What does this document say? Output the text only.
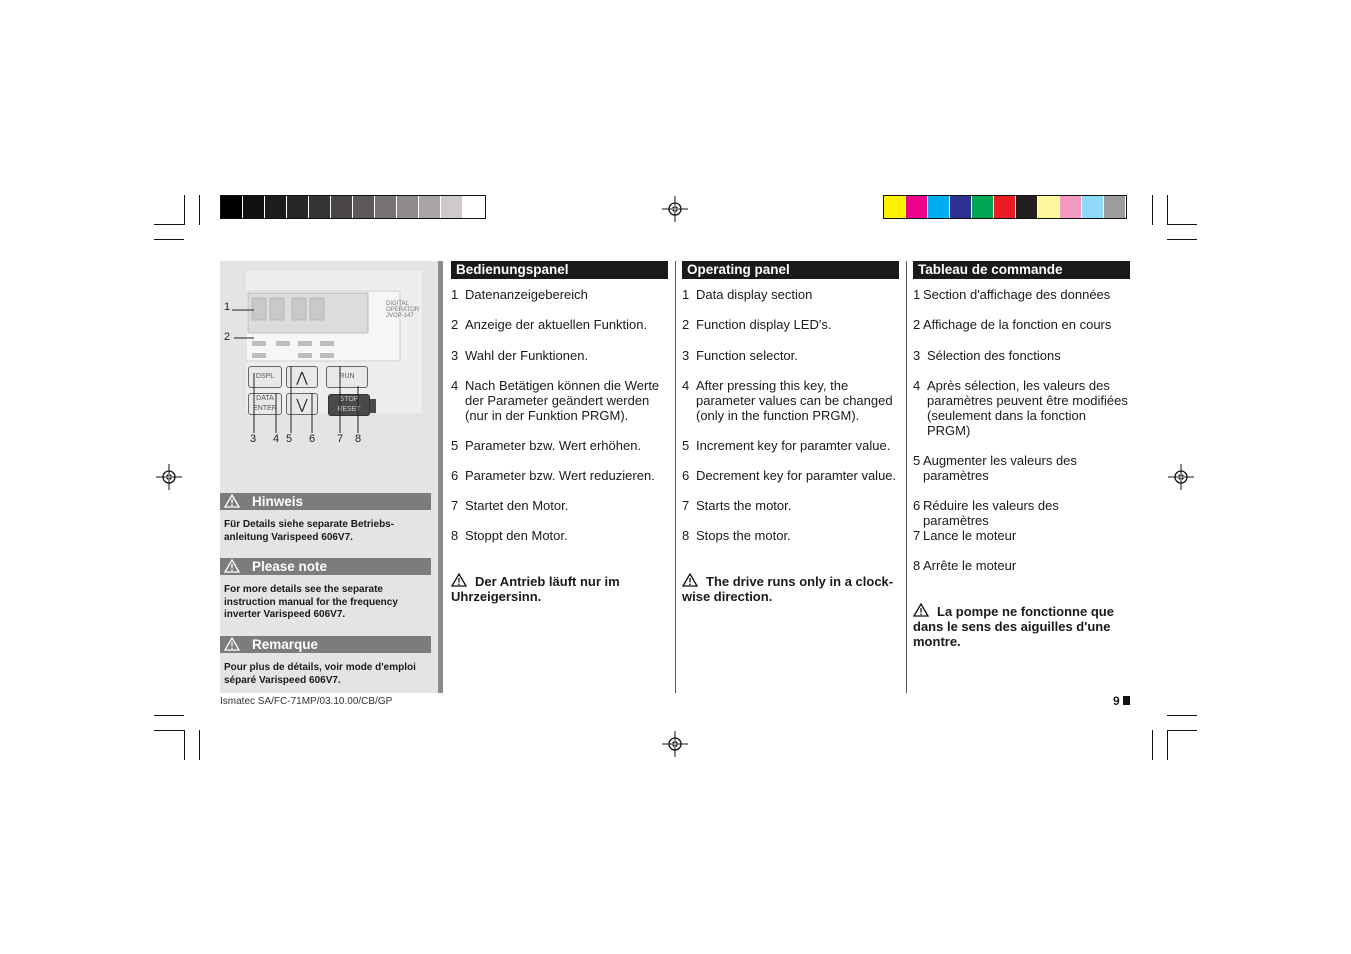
DIGITAL OPERATOR JVOP-147
DSPL	⋀	RUN
DATA ENTER	⋁	STOP RESET
1
2
3 4 5 6 7 8
Hinweis
Für Details siehe separate Betriebs-anleitung Varispeed 606V7.
Please note
For more details see the separate instruction manual for the frequency inverter Varispeed 606V7.
Remarque
Pour plus de détails, voir mode d'emploi séparé Varispeed 606V7.
Bedienungspanel
1 Datenanzeigebereich
2 Anzeige der aktuellen Funktion.
3 Wahl der Funktionen.
4 Nach Betätigen können die Werte der Parameter geändert werden (nur in der Funktion PRGM).
5 Parameter bzw. Wert erhöhen.
6 Parameter bzw. Wert reduzieren.
7 Startet den Motor.
8 Stoppt den Motor.
Der Antrieb läuft nur im Uhrzeigersinn.
Operating panel
1 Data display section
2 Function display LED's.
3 Function selector.
4 After pressing this key, the parameter values can be changed (only in the function PRGM).
5 Increment key for paramter value.
6 Decrement key for paramter value.
7 Starts the motor.
8 Stops the motor.
The drive runs only in a clock-wise direction.
Tableau de commande
1 Section d'affichage des données
2 Affichage de la fonction en cours
3 Sélection des fonctions
4 Après sélection, les valeurs des paramètres peuvent être modifiées (seulement dans la fonction PRGM)
5 Augmenter les valeurs des paramètres
6 Réduire les valeurs des paramètres
7 Lance le moteur
8 Arrête le moteur
La pompe ne fonctionne que dans le sens des aiguilles d'une montre.
Ismatec SA/FC-71MP/03.10.00/CB/GP	9
